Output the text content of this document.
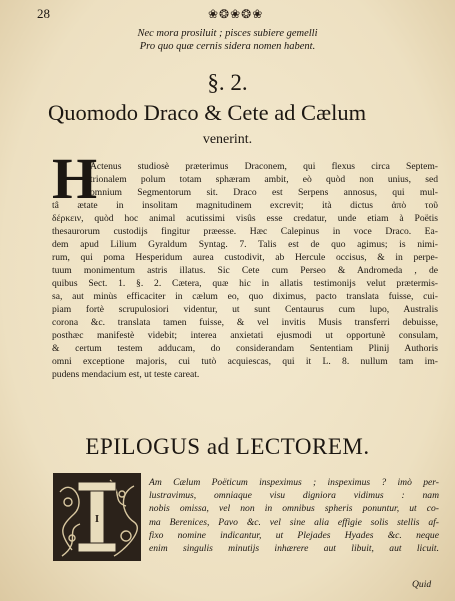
28	❀❂❀❂❀
Nec mora prosiluit ; pisces subiere gemelli
Pro quo quæ cernis sidera nomen habent.
§. 2.
Quomodo Draco & Cete ad Cælum
venerint.
H
Actenus studiosè præterimus Draconem, qui flexus circa Septem-
trionalem polum totam sphæram ambit, eò quòd non unius, sed
omnium Segmentorum sit. Draco est Serpens annosus, qui mul-
tâ ætate in insolitam magnitudinem excrevit; ità dictus ἀπὸ τοῦ
δέρκειν, quòd hoc animal acutissimi visûs esse credatur, unde etiam à Poëtis
thesaurorum custodijs fingitur præesse. Hæc Calepinus in voce Draco. Ea-
dem apud Lilium Gyraldum Syntag. 7. Talis est de quo agimus; is nimi-
rum, qui poma Hesperidum aurea custodivit, ab Hercule occisus, & in perpe-
tuum monimentum astris illatus. Sic Cete cum Perseo & Andromeda , de
quibus Sect. 1. §. 2. Cætera, quæ hic in allatis testimonijs velut prætermis-
sa, aut minùs efficaciter in cælum eo, quo diximus, pacto translata fuisse, cui-
piam fortè scrupulosiori videntur, ut sunt Centaurus cum lupo, Australis
corona &c. translata tamen fuisse, & vel invitis Musis transferri debuisse,
posthæc manifestè videbit; interea anxietati ejusmodi ut opportunè consulam,
& certum testem adducam, do considerandam Sententiam Plinij Authoris
omni exceptione majoris, cui tutò acquiescas, qui it L. 8. nullum tam im-
pudens mendacium est, ut teste careat.
EPILOGUS ad LECTOREM.
I
Am Cælum Poëticum inspeximus ; inspeximus ? imò per-
lustravimus, omniaque visu digniora vidimus : nam
nobis omissa, vel non in omnibus spheris ponuntur, ut co-
ma Berenices, Pavo &c. vel sine alia effigie solis stellis af-
fixo nomine indicantur, ut Plejades Hyades &c. neque
enim singulis minutijs inhærere aut libuit, aut licuit.
Quid
